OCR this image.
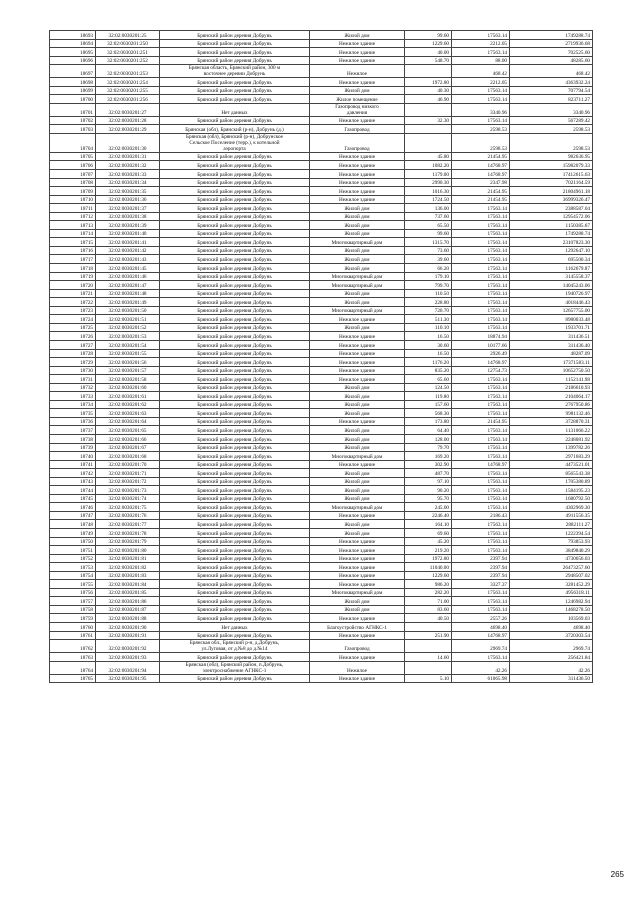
18693	32:02:0030201:25	Брянский район деревня Добрунь	Жилой дом	99.60	17563.14	1749288.74
18694	32:02:0030201:250	Брянский район деревня Добрунь	Нежилое здание	1229.60	2212.05	2719936.68
18695	32:02:0030201:251	Брянский район деревня Добрунь	Нежилое здание	40.00	17563.14	702525.60
18696	32:02:0030201:252	Брянский район деревня Добрунь	Нежилое здание	548.70	88.00	48285.60
18697	32:02:0030201:253	Брянская область, Брянский район, 300 м
восточнее деревни Добрунь	Нежилое		468.42	468.42
18698	32:02:0030201:254	Брянский район деревня Добрунь	Нежилое здание	1972.80	2212.05	4363932.24
18699	32:02:0030201:255	Брянский район деревня Добрунь	Жилой дом	40.30	17563.14	707794.54
18700	32:02:0030201:256	Брянский район деревня Добрунь	Жилое помещение	46.90	17563.14	823711.27
18701	32:02:0030201:27	Нет данных	Газопровод низкого
давления		3340.96	3340.96
18702	32:02:0030201:28	Брянский район деревня Добрунь	Нежилое здание	32.30	17563.14	567289.42
18703	32:02:0030201:29	Брянская (обл), Брянский (р-н), Добрунь (д.)	Газопровод		2598.53	2598.53
18704	32:02:0030201:30	Брянская (обл), Брянский (р-н), Добрунское
Сельское Поселение (терр.), к котельной
аэропорта	Газопровод		2598.53	2598.53
18705	32:02:0030201:31	Брянский район деревня Добрунь	Нежилое здание	45.80	21454.95	982636.95
18706	32:02:0030201:32	Брянский район деревня Добрунь	Нежилое здание	1082.20	14768.97	15982079.33
18707	32:02:0030201:33	Брянский район деревня Добрунь	Нежилое здание	1179.00	14768.97	17412615.63
18708	32:02:0030201:34	Брянский район деревня Добрунь	Нежилое здание	2990.30	2347.98	7021164.59
18709	32:02:0030201:35	Брянский район деревня Добрунь	Нежилое здание	1016.30	21454.95	21804961.18
18710	32:02:0030201:36	Брянский район деревня Добрунь	Нежилое здание	1724.50	21454.95	36999326.47
18711	32:02:0030201:37	Брянский район деревня Добрунь	Жилой дом	136.00	17563.14	2388587.04
18712	32:02:0030201:38	Брянский район деревня Добрунь	Жилой дом	737.60	17563.14	12954572.06
18713	32:02:0030201:39	Брянский район деревня Добрунь	Жилой дом	65.50	17563.14	1150385.67
18714	32:02:0030201:40	Брянский район деревня Добрунь	Жилой дом	99.60	17563.14	1749288.74
18715	32:02:0030201:41	Брянский район деревня Добрунь	Многоквартирный дом	1315.70	17563.14	23107823.30
18716	32:02:0030201:42	Брянский район деревня Добрунь	Жилой дом	73.60	17563.14	1292647.10
18717	32:02:0030201:43	Брянский район деревня Добрунь	Жилой дом	39.60	17563.14	695500.34
18718	32:02:0030201:45	Брянский район деревня Добрунь	Жилой дом	66.20	17563.14	1162679.87
18719	32:02:0030201:46	Брянский район деревня Добрунь	Многоквартирный дом	179.10	17563.14	3145558.37
18720	32:02:0030201:47	Брянский район деревня Добрунь	Многоквартирный дом	799.70	17563.14	14045243.06
18721	32:02:0030201:48	Брянский район деревня Добрунь	Жилой дом	110.50	17563.14	1940726.97
18722	32:02:0030201:49	Брянский район деревня Добрунь	Жилой дом	228.80	17563.14	4018446.43
18723	32:02:0030201:50	Брянский район деревня Добрунь	Многоквартирный дом	720.70	17563.14	12657755.00
18724	32:02:0030201:51	Брянский район деревня Добрунь	Нежилое здание	511.30	17563.14	8980033.48
18725	32:02:0030201:52	Брянский район деревня Добрунь	Жилой дом	110.10	17563.14	1933701.71
18726	32:02:0030201:53	Брянский район деревня Добрунь	Нежилое здание	16.50	18874.94	311436.51
18727	32:02:0030201:54	Брянский район деревня Добрунь	Нежилое здание	30.60	10177.66	311436.40
18728	32:02:0030201:55	Брянский район деревня Добрунь	Нежилое здание	16.50	2926.49	48287.09
18729	32:02:0030201:56	Брянский район деревня Добрунь	Нежилое здание	1176.20	14768.97	17371583.11
18730	32:02:0030201:57	Брянский район деревня Добрунь	Нежилое здание	835.20	12754.73	10652750.50
18731	32:02:0030201:58	Брянский район деревня Добрунь	Нежилое здание	65.60	17563.14	1152141.98
18732	32:02:0030201:60	Брянский район деревня Добрунь	Жилой дом	124.50	17563.14	2186610.93
18733	32:02:0030201:61	Брянский район деревня Добрунь	Жилой дом	119.80	17563.14	2104064.17
18734	32:02:0030201:62	Брянский район деревня Добрунь	Жилой дом	157.60	17563.14	2767950.86
18735	32:02:0030201:63	Брянский район деревня Добрунь	Жилой дом	568.30	17563.14	9981132.46
18736	32:02:0030201:64	Брянский район деревня Добрунь	Нежилое здание	173.80	21454.95	3728870.31
18737	32:02:0030201:65	Брянский район деревня Добрунь	Жилой дом	64.40	17563.14	1131066.22
18738	32:02:0030201:66	Брянский район деревня Добрунь	Жилой дом	128.00	17563.14	2248081.92
18739	32:02:0030201:67	Брянский район деревня Добрунь	Жилой дом	79.70	17563.14	1399782.26
18740	32:02:0030201:68	Брянский район деревня Добрунь	Многоквартирный дом	169.20	17563.14	2971683.29
18741	32:02:0030201:70	Брянский район деревня Добрунь	Нежилое здание	302.90	14768.97	4473521.01
18742	32:02:0030201:71	Брянский район деревня Добрунь	Жилой дом	487.70	17563.14	8565543.38
18743	32:02:0030201:72	Брянский район деревня Добрунь	Жилой дом	97.10	17563.14	1705380.89
18744	32:02:0030201:73	Брянский район деревня Добрунь	Жилой дом	90.20	17563.14	1584195.23
18745	32:02:0030201:74	Брянский район деревня Добрунь	Жилой дом	95.70	17563.14	1680792.50
18746	32:02:0030201:75	Брянский район деревня Добрунь	Многоквартирный дом	245.00	17563.14	4302969.30
18747	32:02:0030201:76	Брянский район деревня Добрунь	Нежилое здание	2246.40	2186.43	4911556.35
18748	32:02:0030201:77	Брянский район деревня Добрунь	Жилой дом	164.10	17563.14	2882111.27
18749	32:02:0030201:78	Брянский район деревня Добрунь	Жилой дом	69.60	17563.14	1222394.54
18750	32:02:0030201:79	Брянский район деревня Добрунь	Нежилое здание	45.20	17563.14	793853.93
18751	32:02:0030201:80	Брянский район деревня Добрунь	Нежилое здание	219.20	17563.14	3849840.29
18752	32:02:0030201:81	Брянский район деревня Добрунь	Нежилое здание	1972.80	2397.94	4730656.03
18753	32:02:0030201:82	Брянский район деревня Добрунь	Нежилое здание	11040.00	2397.94	26473257.60
18754	32:02:0030201:83	Брянский район деревня Добрунь	Нежилое здание	1229.60	2397.94	2948507.02
18755	32:02:0030201:84	Брянский район деревня Добрунь	Нежилое здание	986.20	3327.37	3281452.29
18756	32:02:0030201:85	Брянский район деревня Добрунь	Многоквартирный дом	282.20	17563.14	4956318.11
18757	32:02:0030201:86	Брянский район деревня Добрунь	Жилой дом	71.00	17563.14	1246982.94
18758	32:02:0030201:87	Брянский район деревня Добрунь	Жилой дом	83.60	17563.14	1468278.50
18759	32:02:0030201:88	Брянский район деревня Добрунь	Нежилое здание	40.50	2557.26	103569.03
18760	32:02:0030201:90	Нет данных	Благоустройство АГНКС-1		4698.40	4698.40
18761	32:02:0030201:91	Брянский район деревня Добрунь	Нежилое здание	251.90	14768.97	3720303.54
18762	32:02:0030201:92	Брянская обл., Брянский р-н, д.Добрунь,
ул.Луговая, от д.№8 до д.№14	Газопровод		2969.74	2969.74
18763	32:02:0030201:93	Брянский район деревня Добрунь	Нежилое здание	14.60	17563.14	256421.84
18764	32:02:0030201:94	Брянская (обл), Брянский район, п.Добрунь,
электроснабжение АГНКС-1	Нежилое		42.26	42.26
18765	32:02:0030201:95	Брянский район деревня Добрунь	Нежилое здание	5.10	61065.98	311436.50
265
